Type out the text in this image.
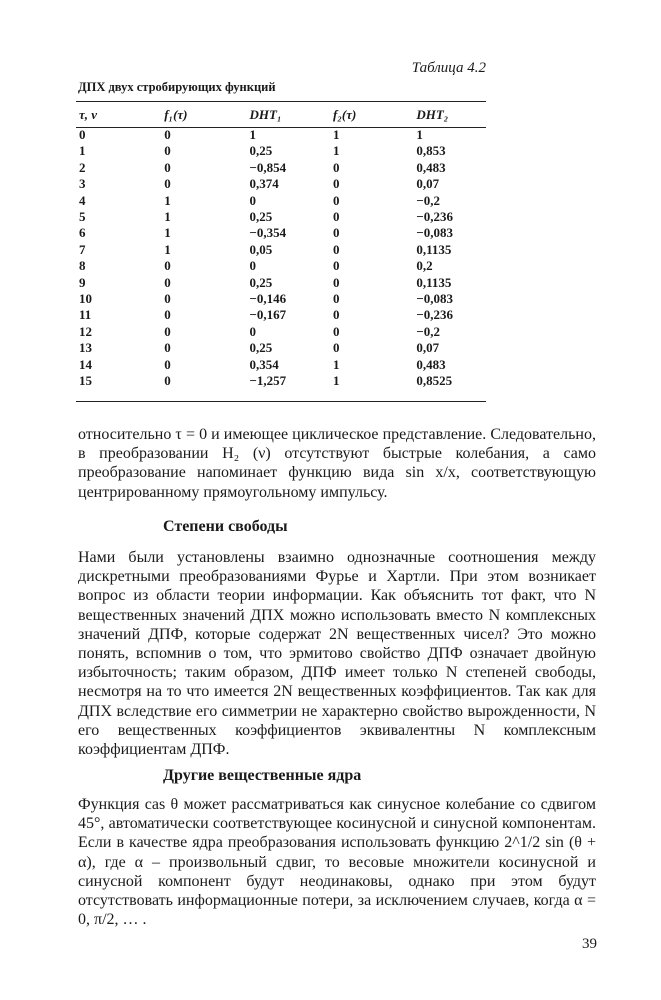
Таблица 4.2
ДПХ двух стробирующих функций
τ, ν	f₁(τ)	DHT₁	f₂(τ)	DHT₂
0	0	1	1	1
1	0	0,25	1	0,853
2	0	−0,854	0	0,483
3	0	0,374	0	0,07
4	1	0	0	−0,2
5	1	0,25	0	−0,236
6	1	−0,354	0	−0,083
7	1	0,05	0	0,1135
8	0	0	0	0,2
9	0	0,25	0	0,1135
10	0	−0,146	0	−0,083
11	0	−0,167	0	−0,236
12	0	0	0	−0,2
13	0	0,25	0	0,07
14	0	0,354	1	0,483
15	0	−1,257	1	0,8525
относительно τ = 0 и имеющее циклическое представление. Следовательно, в преобразовании H₂ (ν) отсутствуют быстрые колебания, а само преобразование напоминает функцию вида sin x/x, соответствующую центрированному прямоугольному импульсу.
Степени свободы
Нами были установлены взаимно однозначные соотношения между дискретными преобразованиями Фурье и Хартли. При этом возникает вопрос из области теории информации. Как объяснить тот факт, что N вещественных значений ДПХ можно использовать вместо N комплексных значений ДПФ, которые содержат 2N вещественных чисел? Это можно понять, вспомнив о том, что эрмитово свойство ДПФ означает двойную избыточность; таким образом, ДПФ имеет только N степеней свободы, несмотря на то что имеется 2N вещественных коэффициентов. Так как для ДПХ вследствие его симметрии не характерно свойство вырожденности, N его вещественных коэффициентов эквивалентны N комплексным коэффициентам ДПФ.
Другие вещественные ядра
Функция cas θ может рассматриваться как синусное колебание со сдвигом 45°, автоматически соответствующее косинусной и синусной компонентам. Если в качестве ядра преобразования использовать функцию 2^1/2 sin (θ + α), где α – произвольный сдвиг, то весовые множители косинусной и синусной компонент будут неодинаковы, однако при этом будут отсутствовать информационные потери, за исключением случаев, когда α = 0, π/2, … .
39
